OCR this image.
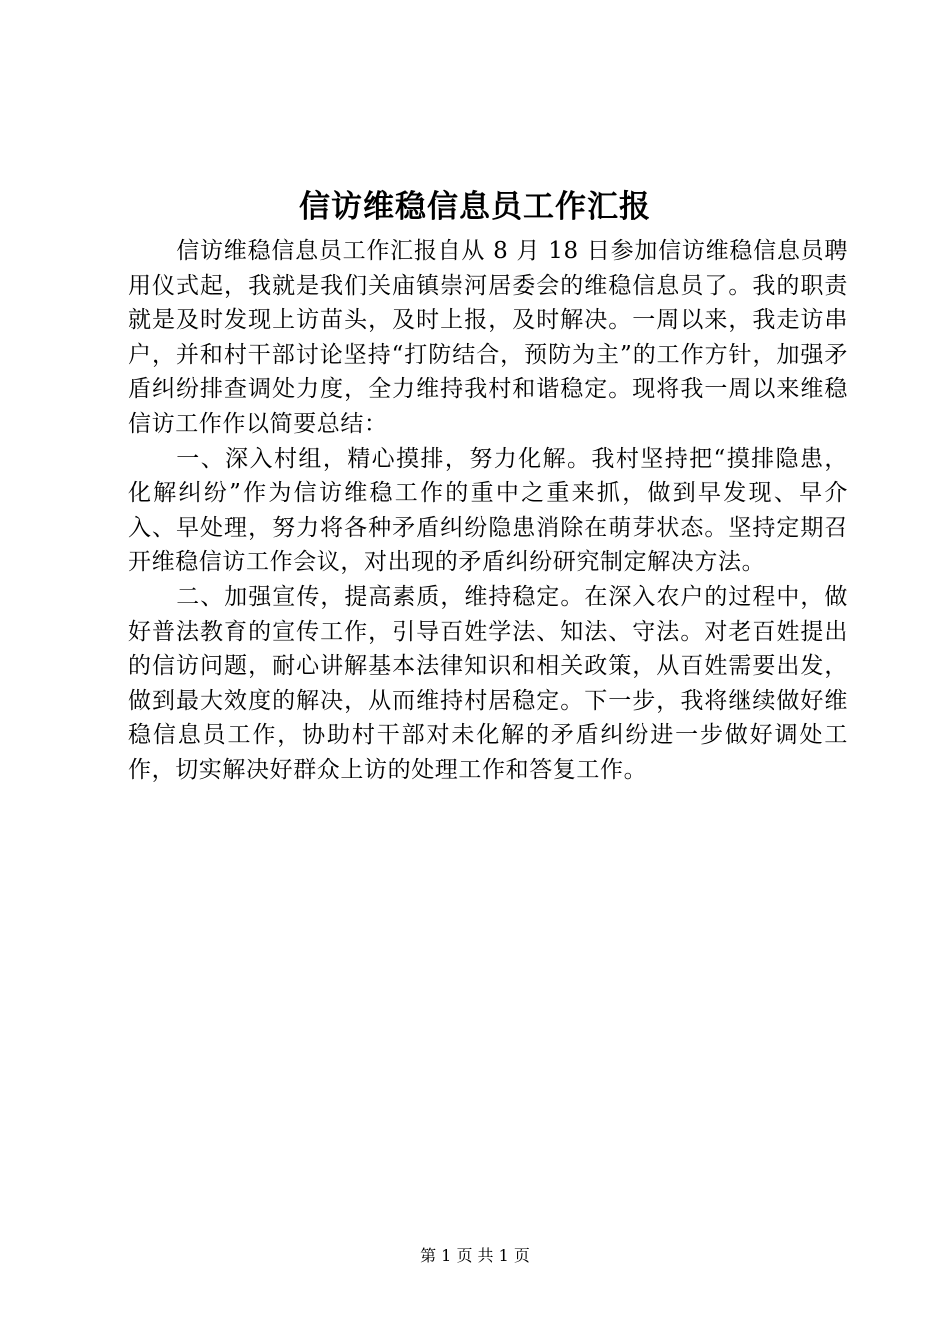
信访维稳信息员工作汇报

信访维稳信息员工作汇报自从 8 月 18 日参加信访维稳信息员聘用仪式起，我就是我们关庙镇崇河居委会的维稳信息员了。我的职责就是及时发现上访苗头，及时上报，及时解决。一周以来，我走访串户，并和村干部讨论坚持“打防结合，预防为主”的工作方针，加强矛盾纠纷排查调处力度，全力维持我村和谐稳定。现将我一周以来维稳信访工作作以简要总结：

一、深入村组，精心摸排，努力化解。我村坚持把“摸排隐患，化解纠纷”作为信访维稳工作的重中之重来抓，做到早发现、早介入、早处理，努力将各种矛盾纠纷隐患消除在萌芽状态。坚持定期召开维稳信访工作会议，对出现的矛盾纠纷研究制定解决方法。

二、加强宣传，提高素质，维持稳定。在深入农户的过程中，做好普法教育的宣传工作，引导百姓学法、知法、守法。对老百姓提出的信访问题，耐心讲解基本法律知识和相关政策，从百姓需要出发，做到最大效度的解决，从而维持村居稳定。下一步，我将继续做好维稳信息员工作，协助村干部对未化解的矛盾纠纷进一步做好调处工作，切实解决好群众上访的处理工作和答复工作。

第 1 页 共 1 页
